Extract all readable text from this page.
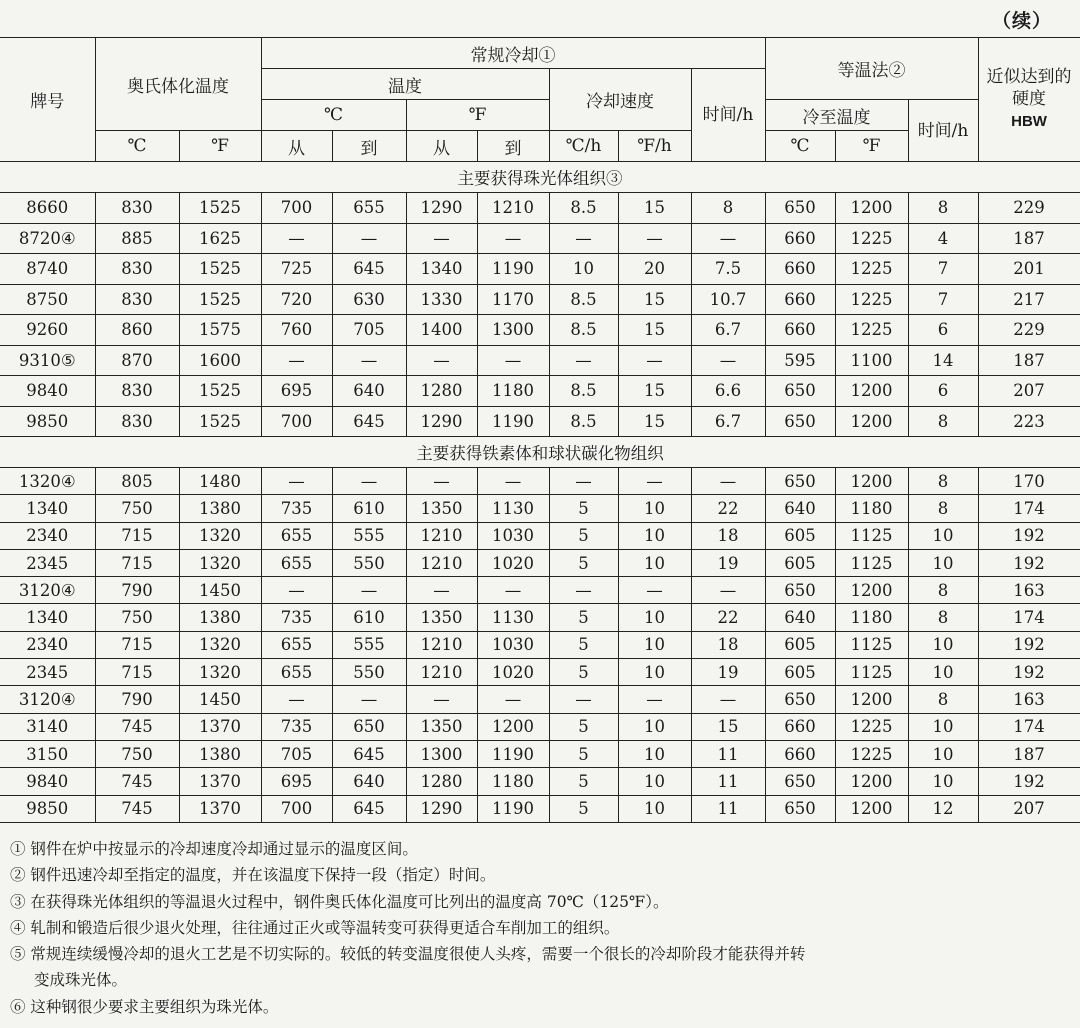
（续）
牌号	奥氏体化温度		常规冷却①							等温法②			近似达到的硬度
HBW
			温度				冷却速度		时间/h				
			℃		℉					冷至温度		时间/h	
	℃	℉	从	到	从	到	℃/h	℉/h		℃	℉		
主要获得珠光体组织③													
8660	830	1525	700	655	1290	1210	8.5	15	8	650	1200	8	229
8720④	885	1625	—	—	—	—	—	—	—	660	1225	4	187
8740	830	1525	725	645	1340	1190	10	20	7.5	660	1225	7	201
8750	830	1525	720	630	1330	1170	8.5	15	10.7	660	1225	7	217
9260	860	1575	760	705	1400	1300	8.5	15	6.7	660	1225	6	229
9310⑤	870	1600	—	—	—	—	—	—	—	595	1100	14	187
9840	830	1525	695	640	1280	1180	8.5	15	6.6	650	1200	6	207
9850	830	1525	700	645	1290	1190	8.5	15	6.7	650	1200	8	223
主要获得铁素体和球状碳化物组织													
1320④	805	1480	—	—	—	—	—	—	—	650	1200	8	170
1340	750	1380	735	610	1350	1130	5	10	22	640	1180	8	174
2340	715	1320	655	555	1210	1030	5	10	18	605	1125	10	192
2345	715	1320	655	550	1210	1020	5	10	19	605	1125	10	192
3120④	790	1450	—	—	—	—	—	—	—	650	1200	8	163
1340	750	1380	735	610	1350	1130	5	10	22	640	1180	8	174
2340	715	1320	655	555	1210	1030	5	10	18	605	1125	10	192
2345	715	1320	655	550	1210	1020	5	10	19	605	1125	10	192
3120④	790	1450	—	—	—	—	—	—	—	650	1200	8	163
3140	745	1370	735	650	1350	1200	5	10	15	660	1225	10	174
3150	750	1380	705	645	1300	1190	5	10	11	660	1225	10	187
9840	745	1370	695	640	1280	1180	5	10	11	650	1200	10	192
9850	745	1370	700	645	1290	1190	5	10	11	650	1200	12	207
① 钢件在炉中按显示的冷却速度冷却通过显示的温度区间。
② 钢件迅速冷却至指定的温度，并在该温度下保持一段（指定）时间。
③ 在获得珠光体组织的等温退火过程中，钢件奥氏体化温度可比列出的温度高 70℃（125℉）。
④ 轧制和锻造后很少退火处理，往往通过正火或等温转变可获得更适合车削加工的组织。
⑤ 常规连续缓慢冷却的退火工艺是不切实际的。较低的转变温度很使人头疼，需要一个很长的冷却阶段才能获得并转
变成珠光体。
⑥ 这种钢很少要求主要组织为珠光体。
